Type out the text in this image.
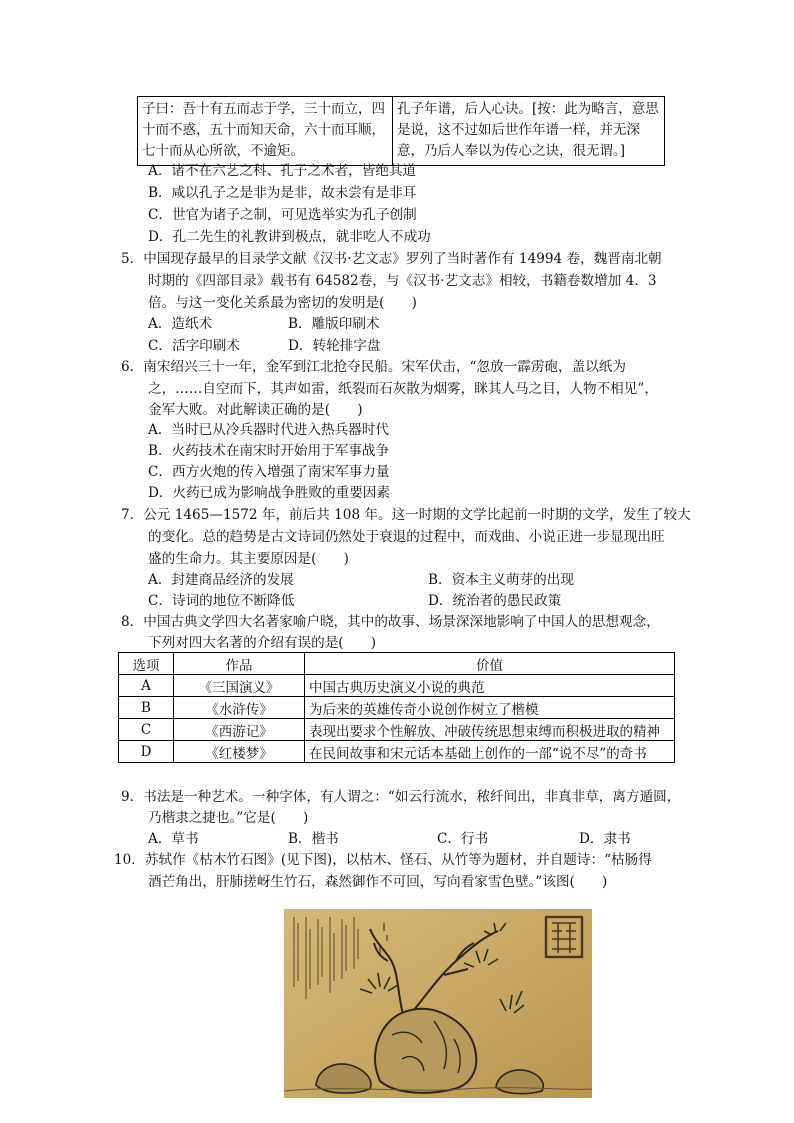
子曰：吾十有五而志于学，三十而立，四十而不惑，五十而知天命，六十而耳顺，七十而从心所欲，不逾矩。	孔子年谱，后人心诀。[按：此为略言，意思是说，这不过如后世作年谱一样，并无深意，乃后人奉以为传心之诀，很无谓。]
A．诸不在六艺之科、孔子之术者，皆绝其道
B．咸以孔子之是非为是非，故未尝有是非耳
C．世官为诸子之制，可见选举实为孔子创制
D．孔二先生的礼教讲到极点，就非吃人不成功
5．中国现存最早的目录学文献《汉书·艺文志》罗列了当时著作有 14994 卷，魏晋南北朝
时期的《四部目录》载书有 64582卷，与《汉书·艺文志》相较，书籍卷数增加 4．3
倍。与这一变化关系最为密切的发明是(　　)
A．造纸术	B．雕版印刷术
C．活字印刷术	D．转轮排字盘
6．南宋绍兴三十一年，金军到江北抢夺民船。宋军伏击，“忽放一霹雳砲，盖以纸为
之，……自空而下，其声如雷，纸裂而石灰散为烟雾，眯其人马之目，人物不相见”，
金军大败。对此解读正确的是(　　)
A．当时已从冷兵器时代进入热兵器时代
B．火药技术在南宋时开始用于军事战争
C．西方火炮的传入增强了南宋军事力量
D．火药已成为影响战争胜败的重要因素
7．公元 1465—1572 年，前后共 108 年。这一时期的文学比起前一时期的文学，发生了较大
的变化。总的趋势是古文诗词仍然处于衰退的过程中，而戏曲、小说正进一步显现出旺
盛的生命力。其主要原因是(　　)
A．封建商品经济的发展	B．资本主义萌芽的出现
C．诗词的地位不断降低	D．统治者的愚民政策
8．中国古典文学四大名著家喻户晓，其中的故事、场景深深地影响了中国人的思想观念，
下列对四大名著的介绍有误的是(　　)
选项	作品	价值
A	《三国演义》	中国古典历史演义小说的典范
B	《水浒传》	为后来的英雄传奇小说创作树立了楷模
C	《西游记》	表现出要求个性解放、冲破传统思想束缚而积极进取的精神
D	《红楼梦》	在民间故事和宋元话本基础上创作的一部“说不尽”的奇书
9．书法是一种艺术。一种字体，有人谓之：“如云行流水，秾纤间出，非真非草，离方遁圆，
乃楷隶之捷也。”它是(　　)
A．草书	B．楷书	C．行书	D．隶书
10．苏轼作《枯木竹石图》(见下图)，以枯木、怪石、从竹等为题材，并自题诗：“枯肠得
酒芒角出，肝肺搓岈生竹石，森然御作不可回，写向看家雪色壁。”该图(　　)
